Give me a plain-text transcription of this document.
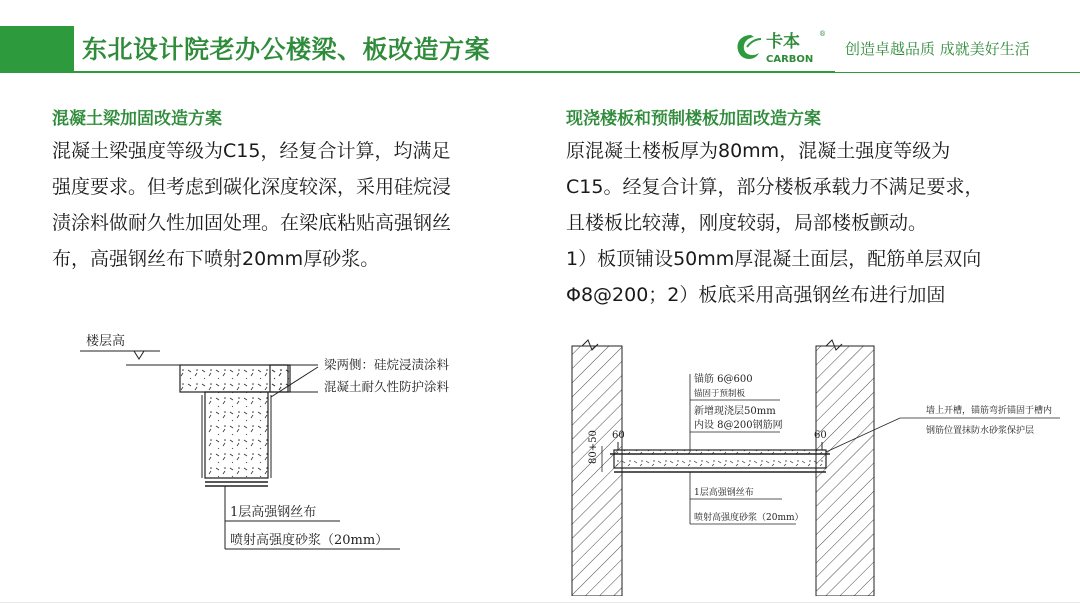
东北设计院老办公楼梁、板改造方案	卡本	®
CARBON
创造卓越品质 成就美好生活
混凝土梁加固改造方案
混凝土梁强度等级为C15，经复合计算，均满足
强度要求。但考虑到碳化深度较深，采用硅烷浸
渍涂料做耐久性加固处理。在梁底粘贴高强钢丝
布，高强钢丝布下喷射20mm厚砂浆。
现浇楼板和预制楼板加固改造方案
原混凝土楼板厚为80mm，混凝土强度等级为
C15。经复合计算，部分楼板承载力不满足要求，
且楼板比较薄，刚度较弱，局部楼板颤动。
1）板顶铺设50mm厚混凝土面层，配筋单层双向
Φ8@200；2）板底采用高强钢丝布进行加固
楼层高
梁两侧：硅烷浸渍涂料
混凝土耐久性防护涂料
1层高强钢丝布
喷射高强度砂浆（20mm）
80+50 60	60
锚筋 6@600
锚固于预制板
新增现浇层50mm
内设 8@200钢筋网
墙上开槽，锚筋弯折锚固于槽内
钢筋位置抹防水砂浆保护层
1层高强钢丝布
喷射高强度砂浆（20mm）
